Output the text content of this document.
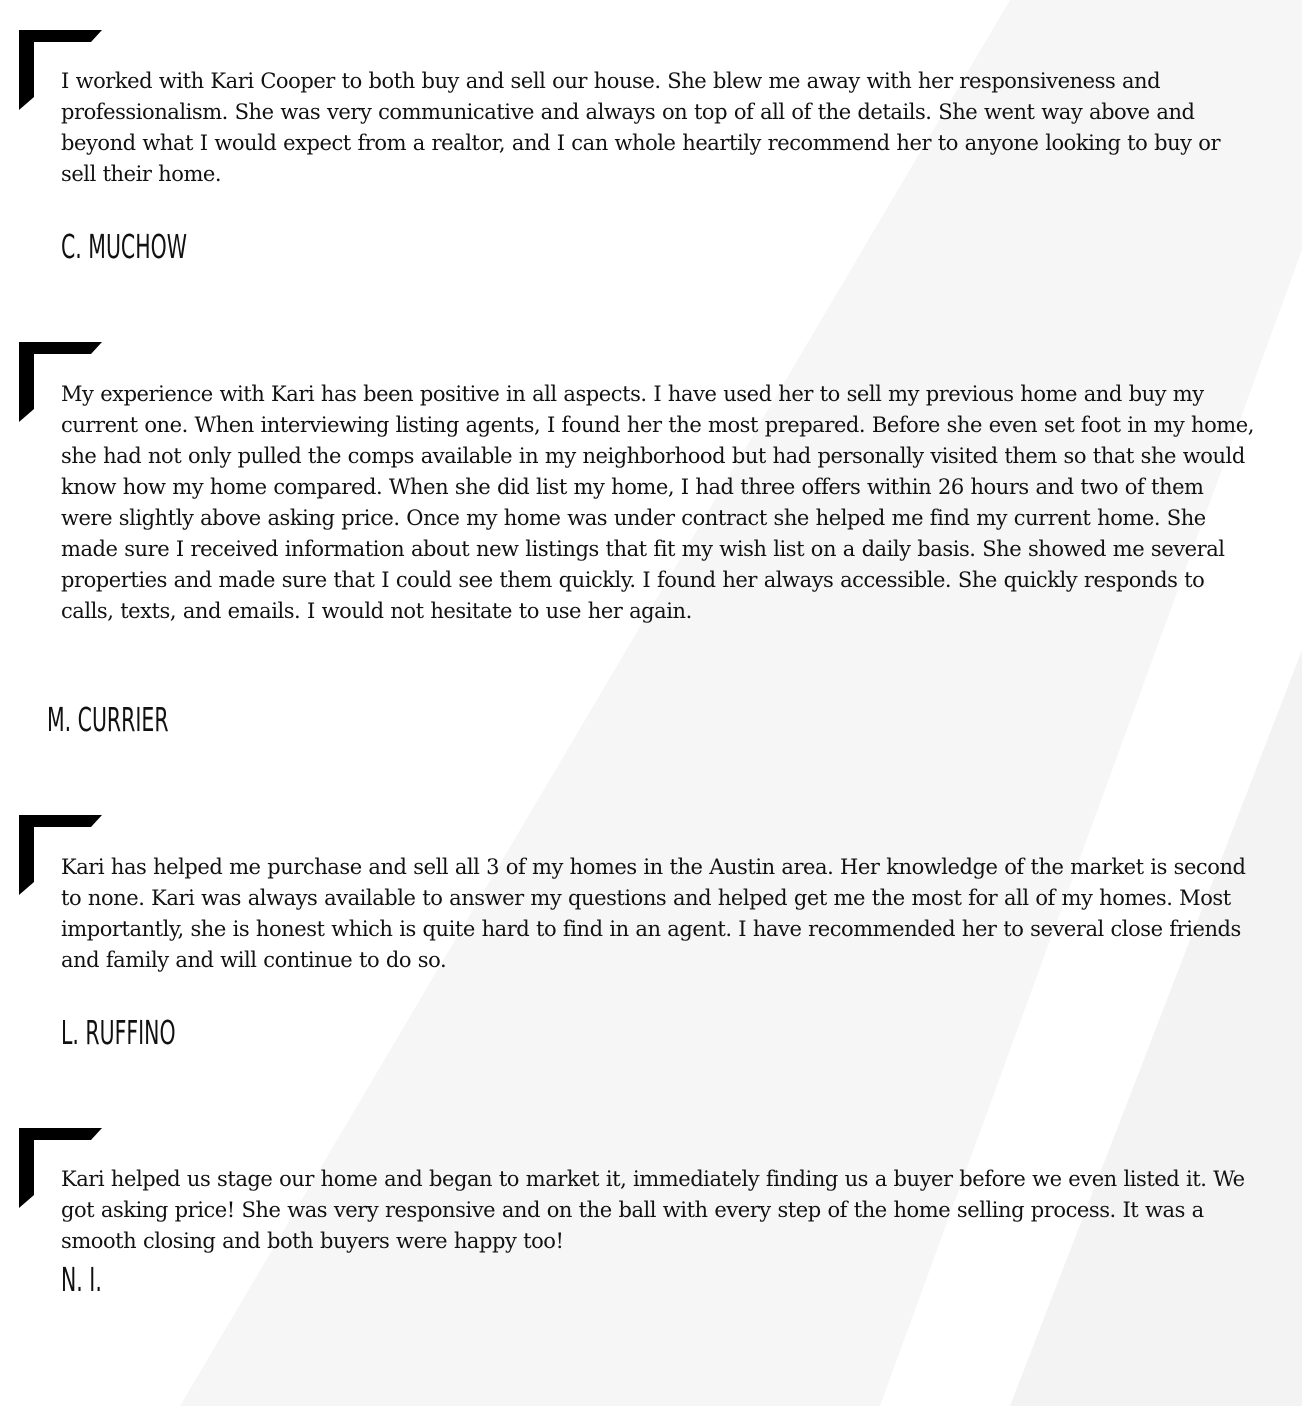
I worked with Kari Cooper to both buy and sell our house. She blew me away with her responsiveness and professionalism. She was very communicative and always on top of all of the details. She went way above and beyond what I would expect from a realtor, and I can whole heartily recommend her to anyone looking to buy or sell their home.

C. MUCHOW

My experience with Kari has been positive in all aspects. I have used her to sell my previous home and buy my current one. When interviewing listing agents, I found her the most prepared. Before she even set foot in my home, she had not only pulled the comps available in my neighborhood but had personally visited them so that she would know how my home compared. When she did list my home, I had three offers within 26 hours and two of them were slightly above asking price. Once my home was under contract she helped me find my current home. She made sure I received information about new listings that fit my wish list on a daily basis. She showed me several properties and made sure that I could see them quickly. I found her always accessible. She quickly responds to calls, texts, and emails. I would not hesitate to use her again.

M. CURRIER

Kari has helped me purchase and sell all 3 of my homes in the Austin area. Her knowledge of the market is second to none. Kari was always available to answer my questions and helped get me the most for all of my homes. Most importantly, she is honest which is quite hard to find in an agent. I have recommended her to several close friends and family and will continue to do so.

L. RUFFINO

Kari helped us stage our home and began to market it, immediately finding us a buyer before we even listed it. We got asking price! She was very responsive and on the ball with every step of the home selling process. It was a smooth closing and both buyers were happy too!

N. I.
